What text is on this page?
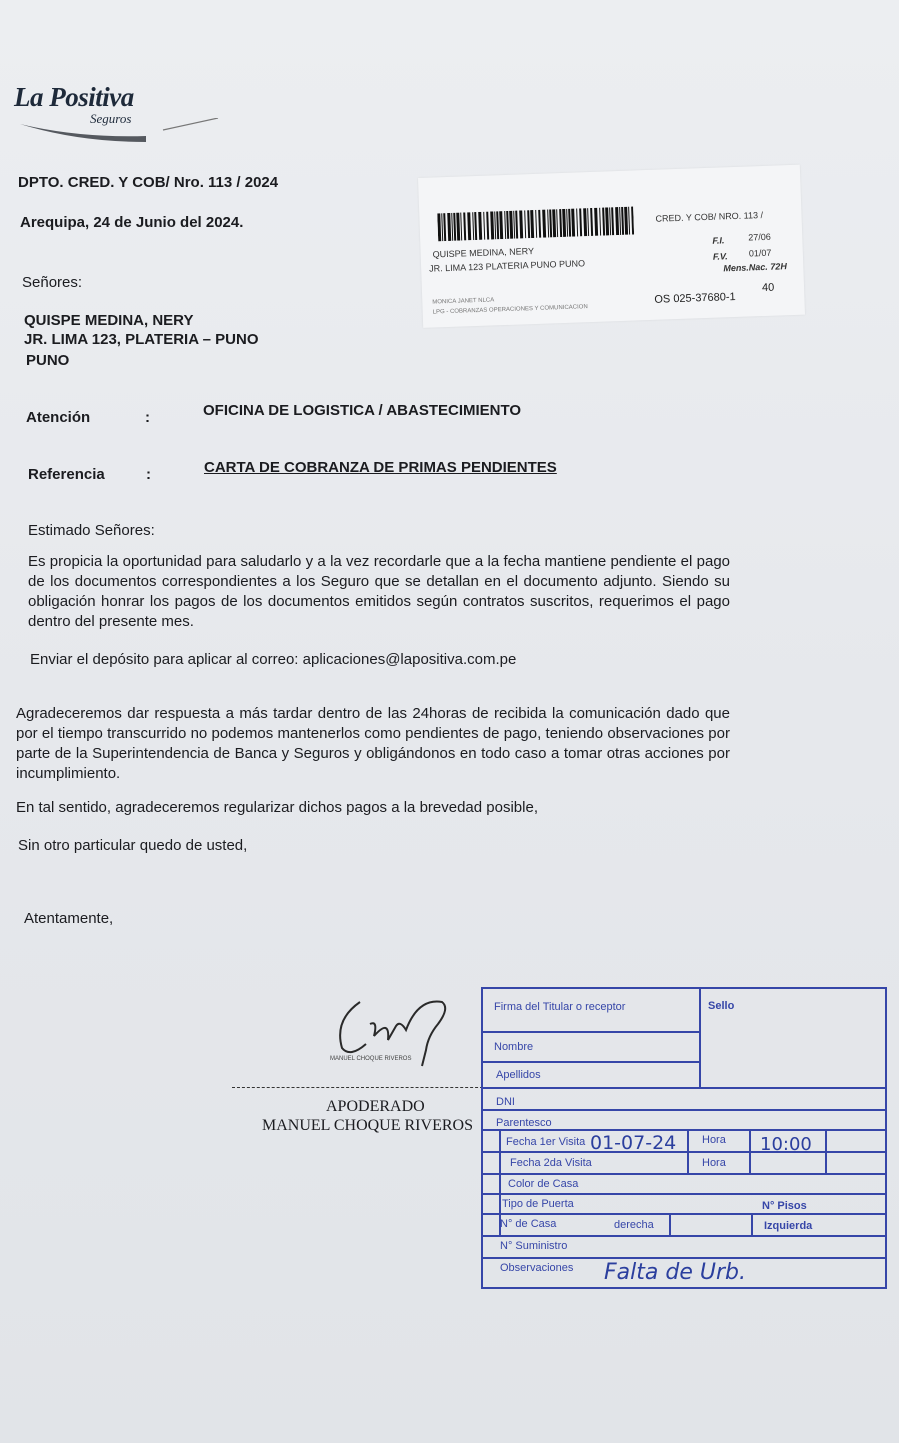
La Positiva
Seguros
DPTO. CRED. Y COB/ Nro. 113 / 2024
Arequipa, 24 de Junio del 2024.
QUISPE MEDINA, NERY
JR. LIMA 123 PLATERIA PUNO PUNO
CRED. Y COB/ NRO. 113 /
F.I.	27/06
F.V. 01/07
Mens.Nac. 72H
MONICA JANET NLCA
LPG - COBRANZAS OPERACIONES Y COMUNICACION
OS 025-37680-1
40
Señores:
QUISPE MEDINA, NERY
JR. LIMA 123, PLATERIA – PUNO
PUNO
Atención	:	OFICINA DE LOGISTICA / ABASTECIMIENTO
Referencia	:	CARTA DE COBRANZA DE PRIMAS PENDIENTES
Estimado Señores:
Es propicia la oportunidad para saludarlo y a la vez recordarle que a la fecha mantiene pendiente el pago de los documentos correspondientes a los Seguro que se detallan en el documento adjunto. Siendo su obligación honrar los pagos de los documentos emitidos según contratos suscritos, requerimos el pago dentro del presente mes.
Enviar el depósito para aplicar al correo: aplicaciones@lapositiva.com.pe
Agradeceremos dar respuesta a más tardar dentro de las 24horas de recibida la comunicación dado que por el tiempo transcurrido no podemos mantenerlos como pendientes de pago, teniendo observaciones por parte de la Superintendencia de Banca y Seguros y obligándonos en todo caso a tomar otras acciones por incumplimiento.
En tal sentido, agradeceremos regularizar dichos pagos a la brevedad posible,
Sin otro particular quedo de usted,
Atentamente,
MANUEL CHOQUE RIVEROS
APODERADO
MANUEL CHOQUE RIVEROS
Firma del Titular o receptor	Sello
Nombre
Apellidos
DNI
Parentesco
Fecha 1er Visita 01-07-24 Hora 10:00
Fecha 2da Visita	Hora
Color de Casa
Tipo de Puerta	N° Pisos
N° de Casa	derecha	Izquierda
N° Suministro
Observaciones Falta de Urb.
